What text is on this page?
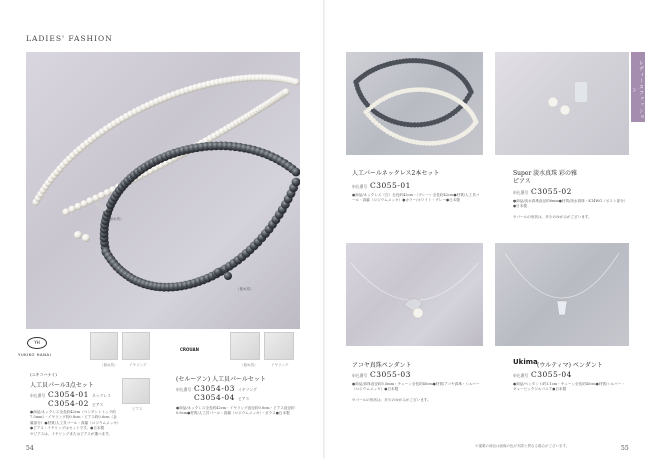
LADIES' FASHION
（留め具）
（留め具）
YH
YUKIKO HANAI
（留め具）	イヤリング
ピアス
(ユキコハナイ)
人工貝パール3点セット
申込番号 C3054-01 ネックレス
C3054-02 ピアス
●商品/ネックレス全長約42cm（ペンダントトップ約7.5mm）・イヤリング約0.8cm・ピアス約0.8cm（金属部分）●材質/人工貝パール・真鍮（ロジウムメッキ）●ピアス・イヤリングはセットです。●日本製
※ピアスは、イヤリングまたはピアスが選べます。
CROUAN
（留め具）	イヤリング
(セルーアン) 人工貝パールセット
申込番号 C3054-03 イヤリング
C3054-04 ピアス
●商品/ネックレス全長約42cm・イヤリング直径約0.8cm・ピアス直径約0.8cm●材質/人工貝パール・真鍮（ロジウムメッキ）・ガラス●日本製
54
人工パールネックレス2本セット
申込番号 C3055-01
●商品/ネックレス（白）全長約42cm・（グレー）全長約42cm●材質/人工貝パール・真鍮（ロジウムメッキ）●カラー/ホワイト・グレー●日本製
Super 淡水真珠 彩の雅
ピアス
申込番号 C3055-02
●商品/淡水真珠直径約6mm●材質/淡水真珠・K14WG（ポスト部分）●日本製
※パールの形状は、多少のゆがみがございます。
アコヤ真珠ペンダント
申込番号 C3055-03
●商品/真珠直径約5.5mm・チェーン全長約40cm●材質/アコヤ真珠・シルバー（ロジウムメッキ）●日本製
※パールの形状は、多少のゆがみがございます。
Ukima (ウルティマ) ペンダント
申込番号 C3055-04
●商品/ペンダント約1.1cm・チェーン全長約45cm●材質/シルバー・キュービックジルコニア●日本製
※掲載の商品は画像の色が実際と異なる場合がございます。	55
レディースファッション
